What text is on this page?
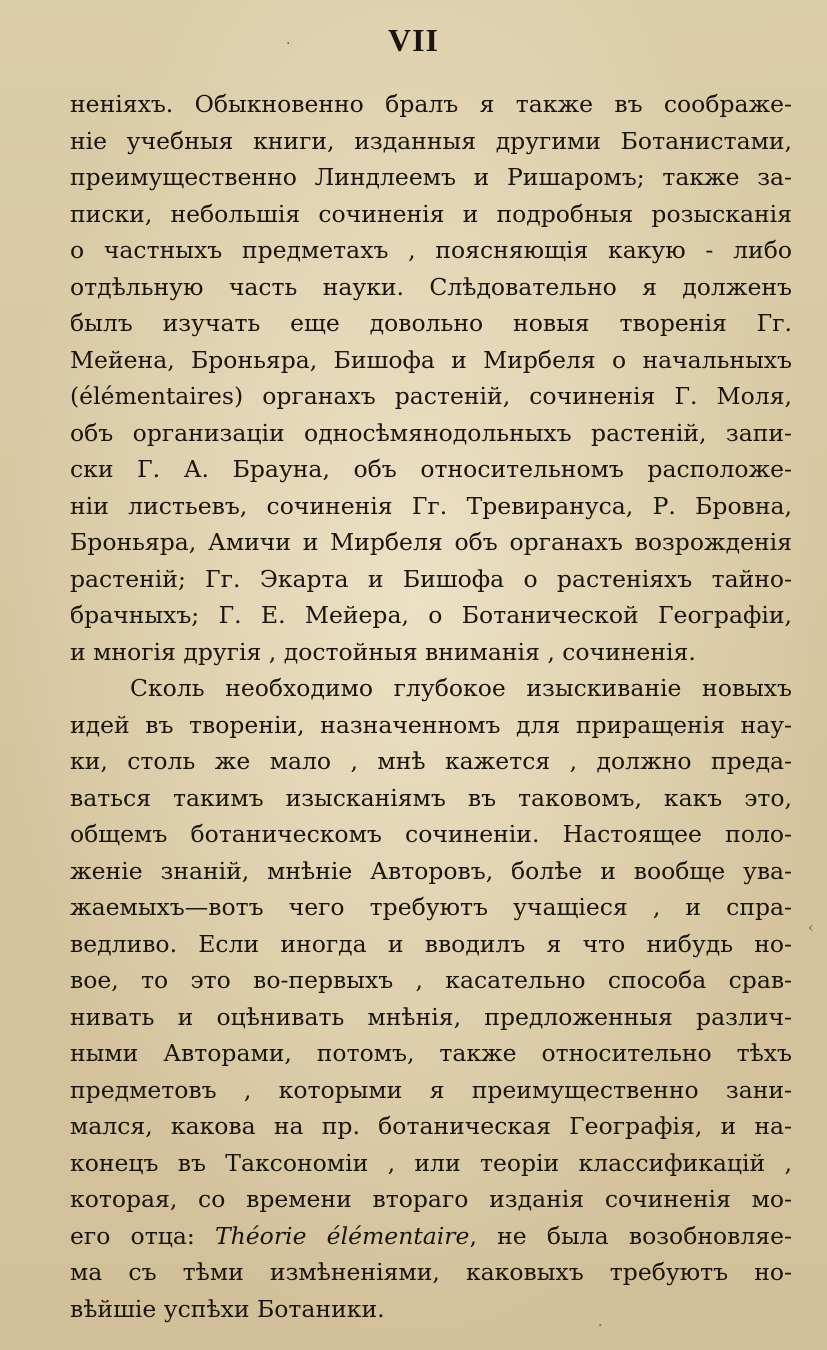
VII
ненiяхъ. Обыкновенно бралъ я также въ соображе-
нiе учебныя книги, изданныя другими Ботанистами,
преимущественно Линдлеемъ и Ришаромъ; также за-
писки, небольшiя сочиненiя и подробныя розысканiя
о частныхъ предметахъ , поясняющiя какую - либо
отдѣльную часть науки. Слѣдовательно я долженъ
былъ изучать еще довольно новыя творенiя Гг.
Мейена, Броньяра, Бишофа и Мирбеля о начальныхъ
(élémentaires) органахъ растенiй, сочиненiя Г. Моля,
объ организацiи односѣмянодольныхъ растенiй, запи-
ски Г. А. Брауна, объ относительномъ расположе-
нiи листьевъ, сочиненiя Гг. Тревирануса, Р. Бровна,
Броньяра, Амичи и Мирбеля объ органахъ возрожденiя
растенiй; Гг. Экарта и Бишофа о растенiяхъ тайно-
брачныхъ; Г. Е. Мейера, о Ботанической Географiи,
и многiя другiя , достойныя вниманiя , сочиненiя.
Сколь необходимо глубокое изыскиванiе новыхъ
идей въ творенiи, назначенномъ для приращенiя нау-
ки, столь же мало , мнѣ кажется , должно преда-
ваться такимъ изысканiямъ въ таковомъ, какъ это,
общемъ ботаническомъ сочиненiи. Настоящее поло-
женiе знанiй, мнѣнiе Авторовъ, болѣе и вообще ува-
жаемыхъ—вотъ чего требуютъ учащiеся , и спра-
ведливо. Если иногда и вводилъ я что нибудь но-
вое, то это во-первыхъ , касательно способа срав-
нивать и оцѣнивать мнѣнiя, предложенныя различ-
ными Авторами, потомъ, также относительно тѣхъ
предметовъ , которыми я преимущественно зани-
мался, какова на пр. ботаническая Географiя, и на-
конецъ въ Таксономiи , или теорiи классификацiй ,
которая, со времени втораго изданiя сочиненiя мо-
его отца: Théorie élémentaire, не была возобновляе-
ма съ тѣми измѣненiями, каковыхъ требуютъ но-
вѣйшiе успѣхи Ботаники.
·
‹
·
